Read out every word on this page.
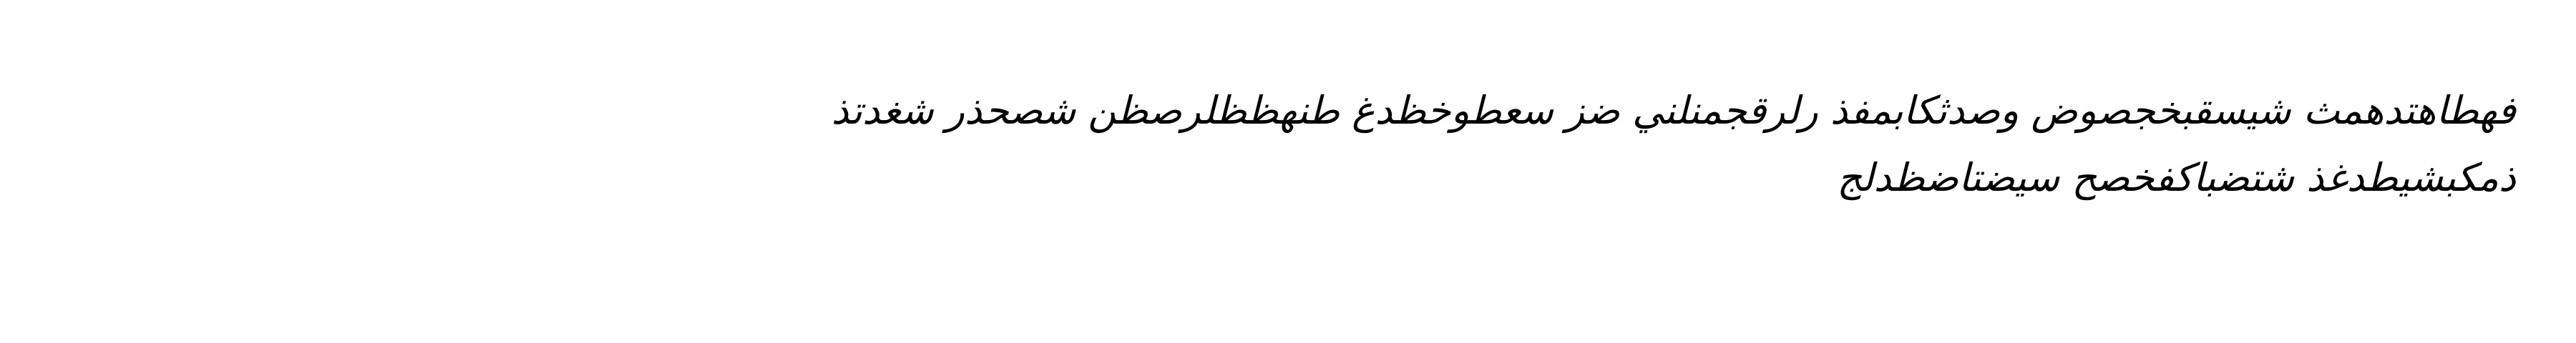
فهطاهتدهمث شيسقبخجصوض وصدثكابمفذ رلرقجمنلني ضز سعطوخظدغ طنهظظلرصظن شصحذر شغدتذ
ذمكبشيطدغذ شتضباكفخصح سيضتاضظدلج
